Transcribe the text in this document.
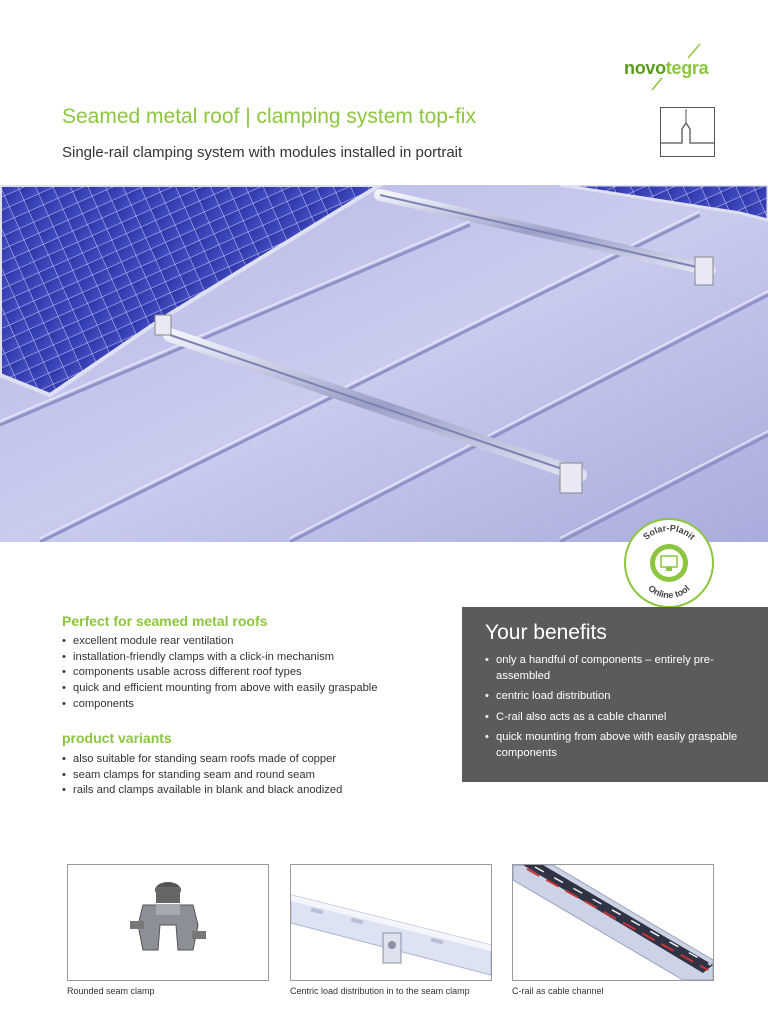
novotegra
Seamed metal roof | clamping system top-fix

Single-rail clamping system with modules installed in portrait

Solar-Planit
Online tool
Perfect for seamed metal roofs
• excellent module rear ventilation
• installation-friendly clamps with a click-in mechanism
• components usable across different roof types
• quick and efficient mounting from above with easily graspable
• components
product variants
• also suitable for standing seam roofs made of copper
• seam clamps for standing seam and round seam
• rails and clamps available in blank and black anodized
Your benefits
• only a handful of components – entirely pre-assembled
• centric load distribution
• C-rail also acts as a cable channel
• quick mounting from above with easily graspable components
Rounded seam clamp	Centric load distribution in to the seam clamp	C-rail as cable channel
